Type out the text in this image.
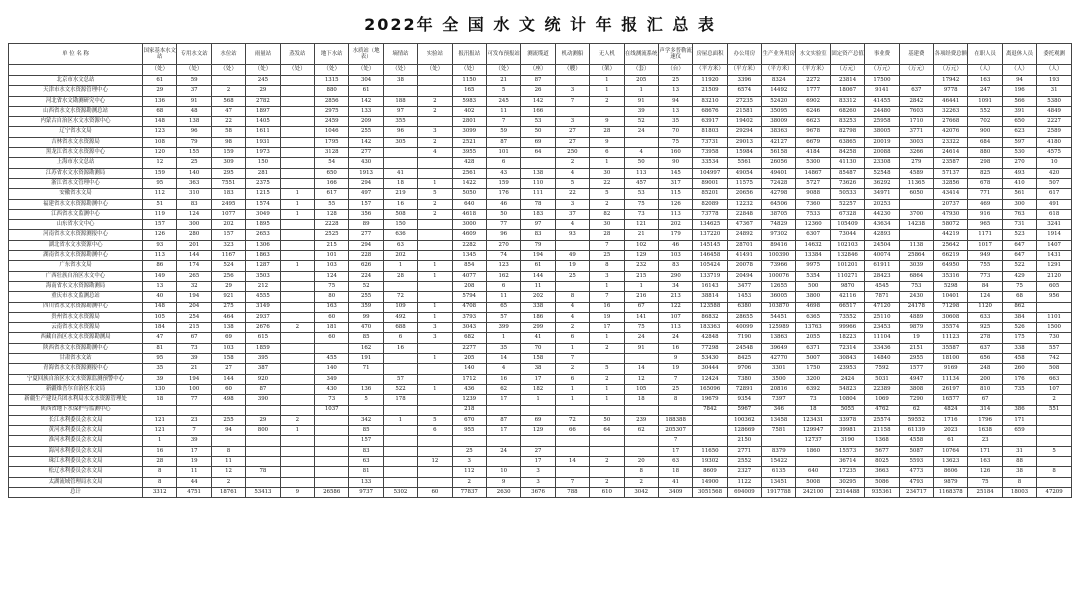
2022年 全 国 水 文 统 计 年 报 汇 总 表
单 位 名 称	国家基本水文站	专用水文站	水位站	雨量站	蒸发站	地下水站	水质站（地表）	墒情站	实验站	报汛报站	可发布预报站	测流缆道	机动测船	无人机	在线测流系统	声学多普勒流速仪	房屋总面积	办公用房	生产业务用房	水文实验室	固定资产总值	事业费	基建费	各项经费总额	在职人员	离退休人员	委托观测
	（处）	（处）	（处）	（处）	（处）	（处）	（处）	（处）	（处）	（处）	（处）	（座）	（艘）	（架）	（套）	（台）	（平方米）	（平方米）	（平方米）	（平方米）	（万元）	（万元）	（万元）	（万元）	（人）	（人）	（人）
北京市水文总站	61	59		245		1315	304	38		1150	21	87		1	205	25	11920	3396	8324	2272	23814	17500		17942	163	94	193
天津市水文水资源管理中心	29	37	2	29		880	61			165	5	26	3	1	1	13	21509	6574	14492	1777	18067	9141	637	9778	247	196	31
河北省水文勘测研究中心	136	91	568	2782		2856	142	188	2	5983	245	142	7	2	91	94	83210	27235	52420	6902	83312	41455	2842	46441	1091	566	5380
山西省水文水资源勘测总站	68	48	47	1897		2975	133	97	2	402	11	166			39	13	68676	21581	35095	6246	68260	24480	7603	32263	552	391	4849
内蒙古自治区水文水资源中心	148	138	22	1405		2459	209	355		2801	7	53	3	9	52	35	63917	19402	38009	6623	83253	25958	1710	27668	702	650	2227
辽宁省水文局	123	96	58	1611		1046	255	96	3	3099	59	50	27	28	24	70	81803	29294	38363	9678	82798	38005	3771	42076	900	623	2589
吉林省水文水资源局	108	79	98	1931		1795	142	305	2	2521	87	69	27	9		75	73731	29013	42127	6679	63865	20019	3003	23322	684	597	4180
黑龙江省水文水资源中心	120	155	159	1973		3128	277		4	3955	101	64	250	6	4	160	73958	15984	56158	4184	84258	20088	3266	24614	880	530	4575
上海市水文总站	12	25	309	150		54	430			428	6		2	1	50	90	33534	5561	26056	5300	41130	23308	279	23587	298	270	10
江苏省水文水资源勘测局	159	140	295	281		650	1913	41		2561	43	138	4	30	113	145	104997	49054	49401	14867	85487	52548	4589	57137	825	493	420
浙江省水文管理中心	95	363	7551	2375		166	294	18	1	1422	159	110	5	22	457	317	89001	11575	72428	5727	73626	36292	11365	32856	678	410	507
安徽省水文局	112	310	183	1215	1	617	497	219	5	5050	176	111	22	5	53	115	85201	20656	42798	9088	50533	34971	6050	43414	771	561	617
福建省水文水资源勘测中心	51	83	2495	1574	1	55	157	16	2	640	46	78	3	2	75	126	82089	12232	64506	7360	52257	20253		20737	469	300	491
江西省水文监测中心	119	124	1077	3049	1	128	356	508	2	4618	50	183	37	82	73	113	73778	22848	38705	7533	67328	44230	3700	47930	916	763	618
山东省水文中心	157	300	202	1895		2228	89	150		3000	77	97	4	30	121	202	134625	47367	74829	12360	105409	43634	14238	58072	965	731	3241
河南省水文水资源测报中心	126	280	157	2653		2525	277	636		4609	96	83	93	28	21	179	137220	24892	97302	6307	73044	42893		44219	1171	523	1914
湖北省水文水资源中心	93	201	323	1306		215	294	63		2282	270	79		7	102	46	145145	28701	89416	14632	102103	24504	1138	25642	1017	647	1407
湖南省水文水资源勘测中心	113	144	1167	1863		101	228	202		1345	74	194	49	25	129	103	146458	41491	100390	13384	132846	40074	25864	66219	949	647	1431
广东省水文局	86	174	524	1287	1	103	626	1	1	854	123	61	19	8	232	83	105424	20078	73966	9975	101201	61911	3039	64950	755	522	1291
广西壮族自治区水文中心	149	265	256	3503		124	224	28	1	4077	162	144	25	3	215	290	133719	20494	100076	5354	110271	28423	6864	35316	773	429	2120
海南省水文水资源勘测局	13	32	29	212		75	52			208	6	11		1	1	34	16143	3477	12655	500	9870	4545	753	5298	84	75	605
重庆市水文监测总站	40	194	921	4555		80	255	72		5794	11	202	8	7	216	213	38814	1453	36005	3800	42116	7871	2430	10401	124	68	956
四川省水文水资源勘测中心	148	204	275	3149		163	359	109	1	4708	65	338	4	16	67	122	123588	6380	103870	4698	66517	47120	24178	71298	1120	862	
贵州省水文水资源局	105	254	464	2937		60	99	492	1	3793	57	186	4	19	141	107	86832	28655	54451	6365	73552	25110	4889	30608	633	384	1101
云南省水文水资源局	184	215	138	2676	2	181	470	688	3	3043	399	299	2	17	75	113	183363	40099	125989	13763	99966	23453	9879	35574	925	526	1500
西藏自治区水文水资源勘测局	47	67	69	615		60	85	6	3	682	1	41	6	1	24	24	42848	7190	13863	2055	18223	11104	19	11123	278	175	730
陕西省水文水资源勘测中心	81	73	103	1859			162	16		2277	35	70	1	2	91	16	77298	24548	39649	6371	72314	33436	2151	35587	637	338	557
甘肃省水文站	95	39	158	395		455	191		1	205	14	158	7			9	53430	8425	42770	5007	30843	14840	2955	18100	656	458	742
青海省水文水资源测报中心	35	21	27	387		140	71			140	4	38	2	5	14	19	30444	9706	3301	1750	23953	7592	1577	9169	248	260	508
宁夏回族自治区水文水资源监测预警中心	39	194	144	920		349		57		1712	16	17	6	2	12	7	12424	7380	3500	3200	2424	5031	4947	11134	200	176	663
新疆维吾尔自治区水文局	130	100	60	87		430	136	522	1	436	62	182	1	1	105	25	165096	72891	20816	6392	54823	22389	3808	26197	810	735	107
新疆生产建设兵团水利局水文水资源管理处	18	77	498	390		73	5	178		1239	17	1	1	1	18	8	19679	9354	7397	73	10804	1069	7290	16577	67		2
陕西省地下水保护与监测中心						1037				218							7842	5967	346	18	5055	4762	62	4824	314	386	551
长江水利委员会水文局	121	23	255	29	2		342	1	5	670	87	69	72	50	239	188388		100362	13458	123431	33978	25574	59552	1716	1796	171	
黄河水利委员会水文局	121	7	94	800	1		85		6	955	17	129	66	64	62	205307		128669	7581	129947	39981	21158	61139	2023	1638	659	
淮河水利委员会水文局	1	39					157									7		2150		12737	3190	1368	4558	61	23		
海河水利委员会水文局	16	17	8				83			25	24	27				17	11650	2771	8379	1860	15573	5677	5087	10764	171	31	5
珠江水利委员会水文局	28	19	11				63		12	3		17	14	2	20	63	19302	2552	15422		36714	8025	5593	13623	163	88	
松辽水利委员会水文局	8	11	12	78			81			112	10	3			8	18	8609	2327	6135	640	17235	3663	4773	8606	126	38	8
太湖流域管理局水文局	8	44	2				133			2	9	3	7	2	2	41	14900	1122	13451	5008	30295	5086	4793	9879	75	8	
总计	3312	4751	18761	53413	9	26586	9737	5302	60	77837	2630	3676	788	610	3042	3409	3051568	694009	1917788	242100	2314488	935361	234717	1168378	25184	18003	47209
